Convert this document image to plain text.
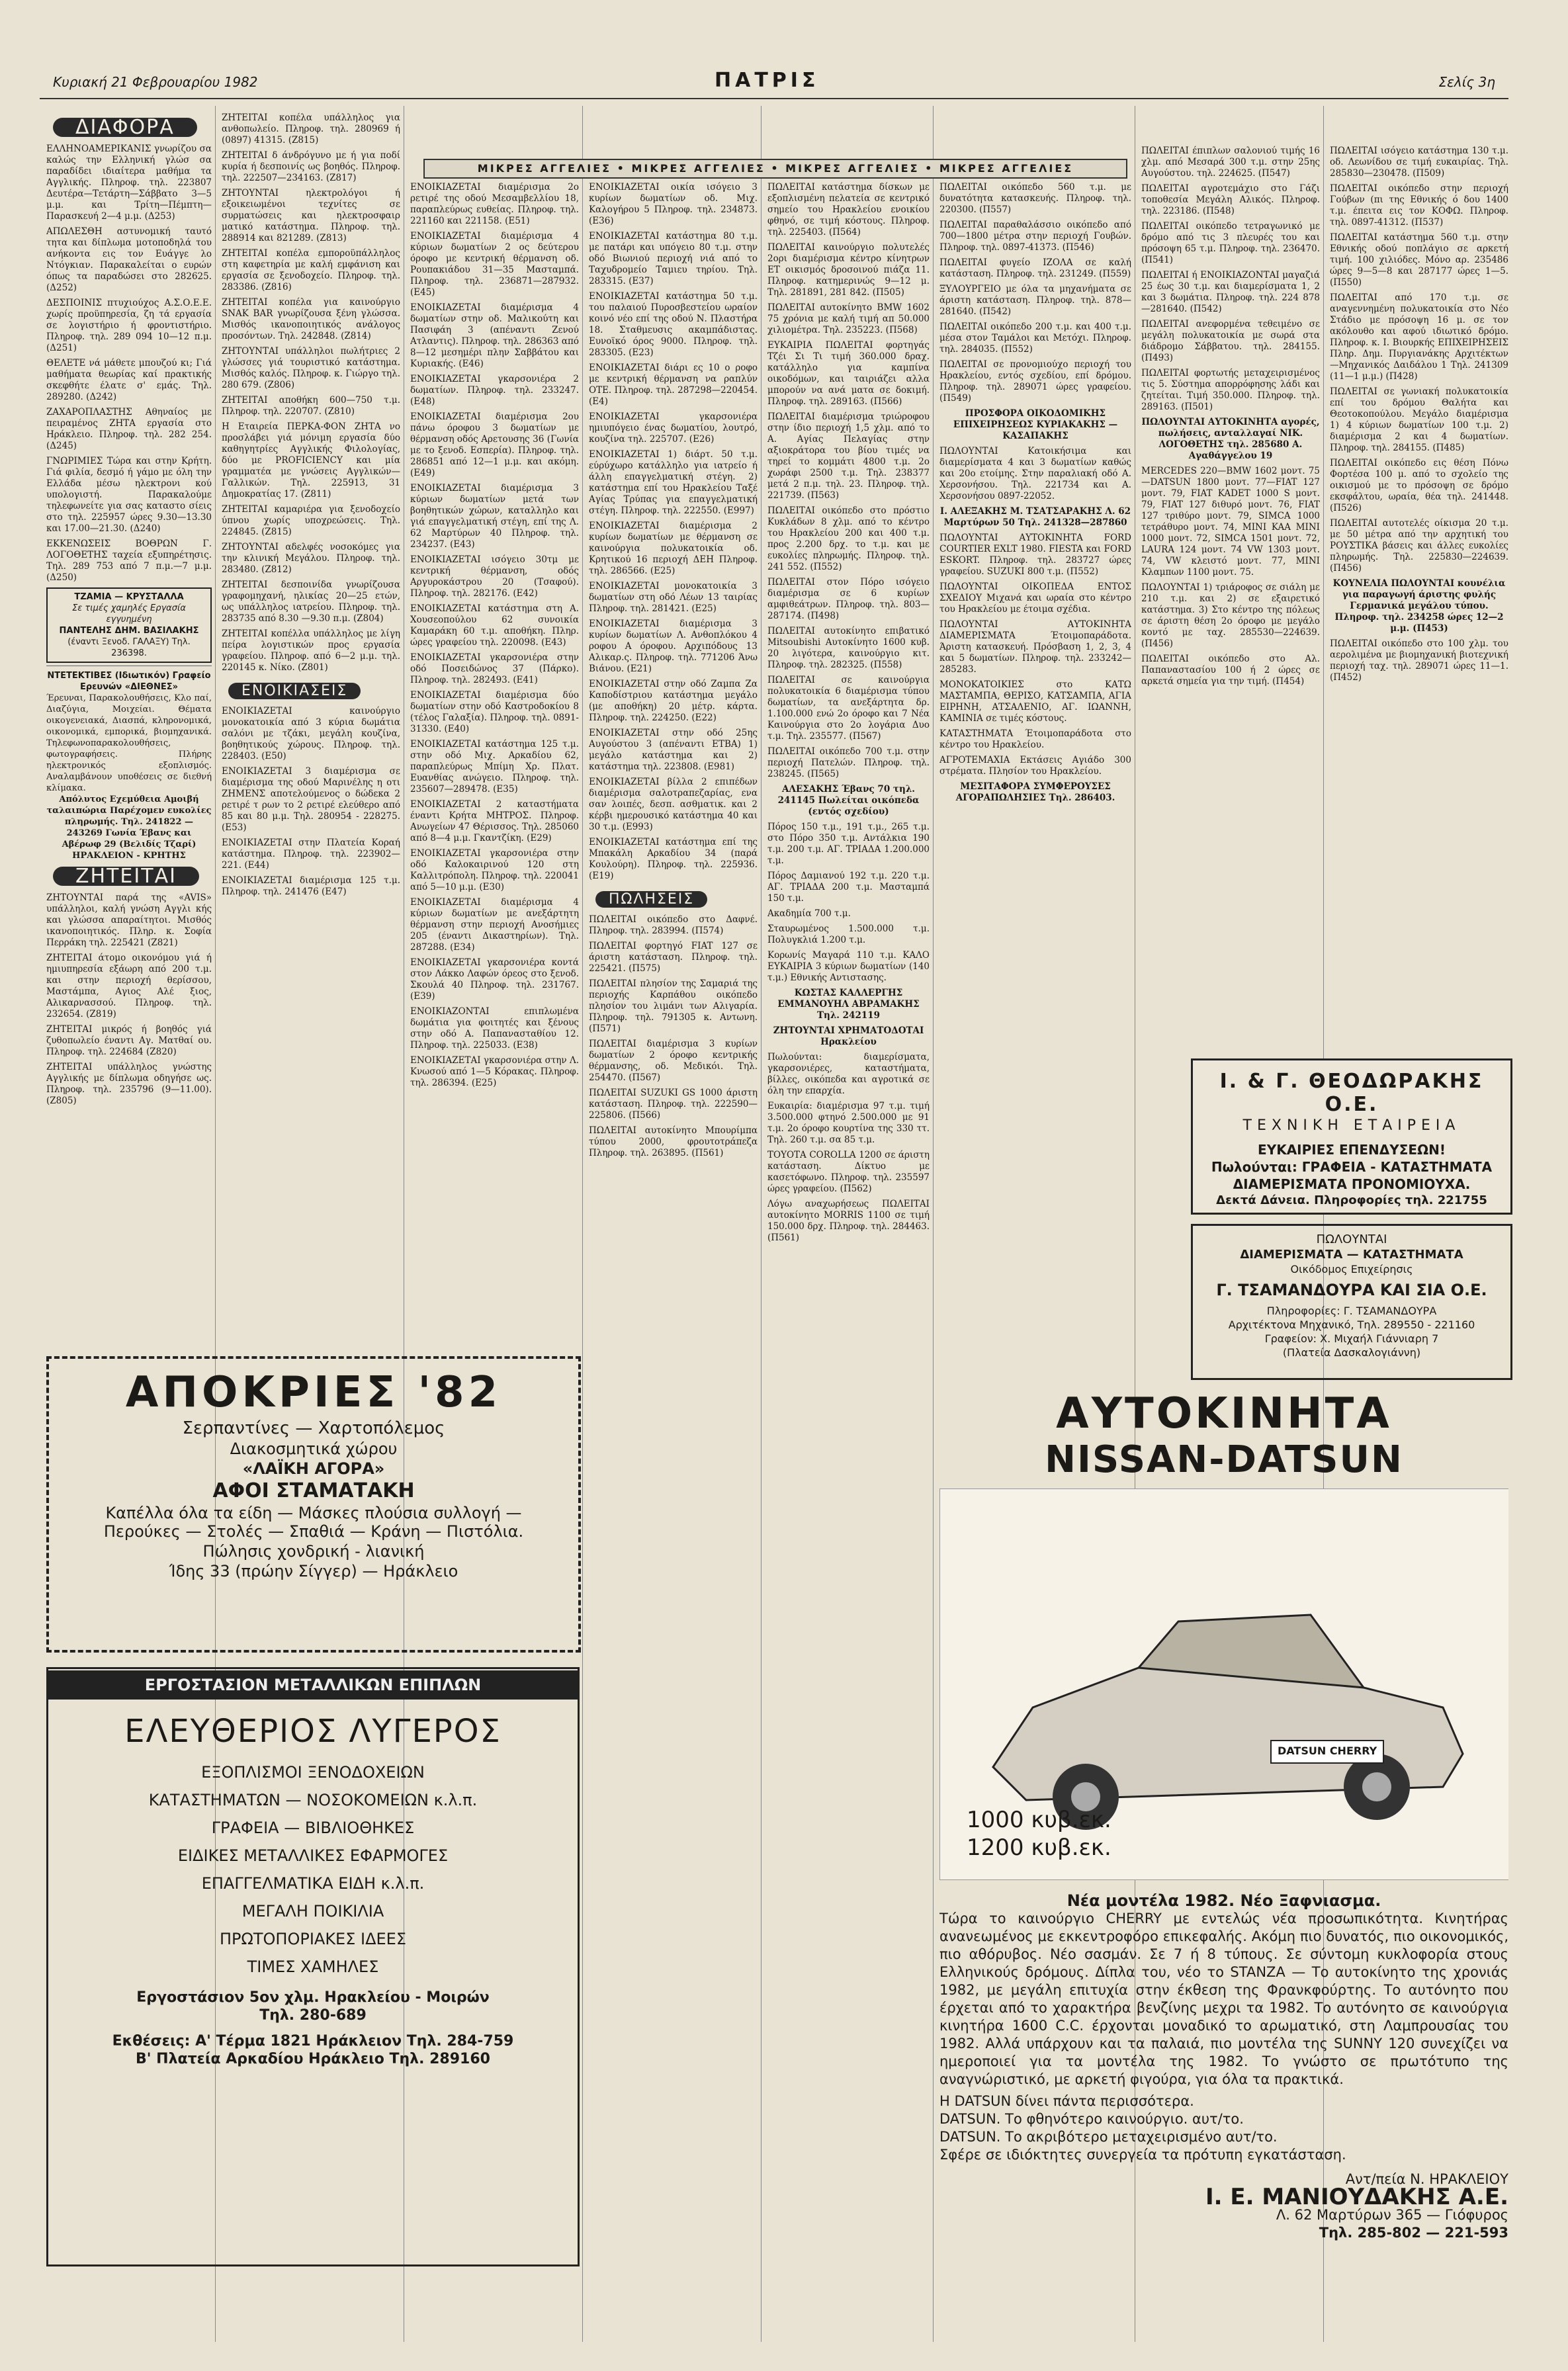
Κυριακή 21 Φεβρουαρίου 1982	ΠΑΤΡΙΣ	Σελίς 3η
ΜΙΚΡΕΣ ΑΓΓΕΛΙΕΣ • ΜΙΚΡΕΣ ΑΓΓΕΛΙΕΣ • ΜΙΚΡΕΣ ΑΓΓΕΛΙΕΣ • ΜΙΚΡΕΣ ΑΓΓΕΛΙΕΣ
ΔΙΑΦΟΡΑ

ΕΛΛΗΝΟΑΜΕΡΙΚΑΝΙΣ γνωρίζου σα καλώς την Ελληνική γλώσ σα παραδίδει ιδιαίτερα μαθήμα τα Αγγλικής. Πληροφ. τηλ. 223807 Δευτέρα—Τετάρτη—Σάββατο 3—5 μ.μ. και Τρίτη—Πέμπτη—Παρασκευή 2—4 μ.μ. (Δ253)

ΑΠΩΛΕΣΘΗ αστυνομική ταυτό τητα και δίπλωμα μοτοποδηλά του ανήκοντα εις τον Ευάγγε λο Ντόγκιαν. Παρακαλείται ο ευρών όπως τα παραδώσει στο 282625. (Δ252)

ΔΕΣΠΟΙΝΙΣ πτυχιούχος Α.Σ.Ο.Ε.Ε. χωρίς προϋπηρεσία, ζη τά εργασία σε λογιστήριο ή φροντιστήριο. Πληροφ. τηλ. 289 094 10—12 π.μ. (Δ251)

ΘΕΛΕΤΕ νά μάθετε μπουζού κι; Γιά μαθήματα θεωρίας καί πρακτικής σκεφθήτε έλατε σ' εμάς. Τηλ. 289280. (Δ242)

ΖΑΧΑΡΟΠΛΑΣΤΗΣ Αθηναίος με πειραμένος ΖΗΤΑ εργασία στο Ηράκλειο. Πληροφ. τηλ. 282 254. (Δ245)

ΓΝΩΡΙΜΙΕΣ Τώρα και στην Κρήτη. Γιά φιλία, δεσμό ή γάμο με όλη την Ελλάδα μέσω ηλεκτρονι κού υπολογιστή. Παρακαλούμε τηλεφωνείτε για σας καταστο σίεις στο τηλ. 225957 ώρες 9.30—13.30 και 17.00—21.30. (Δ240)

ΕΚΚΕΝΩΣΕΙΣ ΒΟΘΡΩΝ Γ. ΛΟΓΟΘΕΤΗΣ ταχεία εξυπηρέτησις. Τηλ. 289 753 από 7 π.μ.—7 μ.μ. (Δ250)

ΤΖΑΜΙΑ — ΚΡΥΣΤΑΛΛΑ
Σε τιμές χαμηλές Εργασία εγγυημένη
ΠΑΝΤΕΛΗΣ ΔΗΜ. ΒΑΣΙΛΑΚΗΣ
(έναντι Ξενοδ. ΓΑΛΑΞΥ) Τηλ. 236398.
ΝΤΕΤΕΚΤΙΒΕΣ (Ιδιωτικόν) Γραφείο Ερευνών «ΔΙΕΘΝΕΣ»
Έρευναι, Παρακολουθήσεις, Κλο παί, Διαζύγια, Μοιχείαι. Θέματα οικογενειακά, Διασπά, κληρονομικά, οικονομικά, εμπορικά, βιομηχανικά. Τηλεφωνοπαρακολουθήσεις, φωτογραφήσεις. Πλήρης ηλεκτρονικός εξοπλισμός. Αναλαμβάνουν υποθέσεις σε διεθνή κλίμακα.
Απόλυτος Εχεμύθεια Αμοιβή ταλαιπώρια Παρέχομεν ευκολίες πληρωμής. Τηλ. 241822 — 243269 Γωνία Έβανς και Αβέρωφ 29 (Βελιδίς Τζαρί) ΗΡΑΚΛΕΙΟΝ - ΚΡΗΤΗΣ
ΖΗΤΕΙΤΑΙ

ΖΗΤΟΥΝΤΑΙ παρά της «AVIS» υπάλληλοι, καλή γνώση Αγγλι κής και γλώσσα απαραίτητοι. Μισθός ικανοποιητικός. Πληρ. κ. Σοφία Περράκη τηλ. 225421 (Ζ821)

ΖΗΤΕΙΤΑΙ άτομο οικονόμου γιά ή ημιυπηρεσία εξάωρη από 200 τ.μ. και στην περιοχή θερίσσου, Μαστάμπα, Αγιος Αλέ ξιος, Αλικαρνασσού. Πληροφ. τηλ. 232654. (Z819)

ΖΗΤΕΙΤΑΙ μικρός ή βοηθός γιά ζυθοπωλείο έναντι Αγ. Ματθαί ου. Πληροφ. τηλ. 224684 (Z820)

ΖΗΤΕΙΤΑΙ υπάλληλος γνώστης Αγγλικής με δίπλωμα οδηγήσε ως. Πληροφ. τηλ. 235796 (9—11.00). (Z805)

ΖΗΤΕΙΤΑΙ κοπέλα υπάλληλος για ανθοπωλείο. Πληροφ. τηλ. 280969 ή (0897) 41315. (Z815)

ΖΗΤΕΙΤΑΙ δ άνδρόγυνο με ή για ποδί κυρία ή δεσποινίς ως βοηθός. Πληροφ. τηλ. 222507—234163. (Z817)

ΖΗΤΟΥΝΤΑΙ ηλεκτρολόγοι ή εξοικειωμένοι τεχνίτες σε συρματώσεις και ηλεκτροσφαιρ ματικό κατάστημα. Πληροφ. τηλ. 288914 και 821289. (Z813)

ΖΗΤΕΙΤΑΙ κοπέλα εμποροϋπάλληλος στη καφετηρία με καλή εμφάνιση και εργασία σε ξενοδοχείο. Πληροφ. τηλ. 283386. (Z816)

ΖΗΤΕΙΤΑΙ κοπέλα για καινούργιο SNAK BAR γνωρίζουσα ξένη γλώσσα. Μισθός ικανοποιητικός ανάλογος προσόντων. Τηλ. 242848. (Z814)

ΖΗΤΟΥΝΤΑΙ υπάλληλοι πωλήτριες 2 γλώσσες γιά τουριστικό κατάστημα. Μισθός καλός. Πληροφ. κ. Γιώργο τηλ. 280 679. (Z806)

ΖΗΤΕΙΤΑΙ αποθήκη 600—750 τ.μ. Πληροφ. τηλ. 220707. (Z810)

Η Εταιρεία ΠΕΡΚΑ-ΦΟΝ ΖΗΤΑ νο προσλάβει γιά μόνιμη εργασία δύο καθηγητρίες Αγγλικής Φιλολογίας, δύο με PROFICIENCY και μία γραμματέα με γνώσεις Αγγλικών—Γαλλικών. Τηλ. 225913, 31 Δημοκρατίας 17. (Z811)

ΖΗΤΕΙΤΑΙ καμαριέρα για ξενοδοχείο ύπνου χωρίς υποχρεώσεις. Τηλ. 224845. (Z815)

ΖΗΤΟΥΝΤΑΙ αδελφές νοσοκόμες για την κλινική Μεγάλου. Πληροφ. τηλ. 283480. (Z812)

ΖΗΤΕΙΤΑΙ δεσποινίδα γνωρίζουσα γραφομηχανή, ηλικίας 20—25 ετών, ως υπάλληλος ιατρείου. Πληροφ. τηλ. 283735 από 8.30 —9.30 π.μ. (Z804)

ΖΗΤΕΙΤΑΙ κοπέλλα υπάλληλος με λίγη πείρα λογιστικών προς εργασία γραφείου. Πληροφ. από 6—2 μ.μ. τηλ. 220145 κ. Νίκο. (Z801)

ΕΝΟΙΚΙΑΣΕΙΣ

ΕΝΟΙΚΙΑΖΕΤΑΙ καινούργιο μονοκατοικία από 3 κύρια δωμάτια σαλόνι με τζάκι, μεγάλη κουζίνα, βοηθητικούς χώρους. Πληροφ. τηλ. 228403. (E50)

ΕΝΟΙΚΙΑΖΕΤΑΙ 3 διαμέρισμα σε διαμέρισμα της οδού Μαρινέλης η οτι ΖΗΜΕΝΣ αποτελούμενος ο δώδεκα 2 ρετιρέ τ ρων το 2 ρετιρέ ελεύθερο από 85 και 80 μ.μ. Τηλ. 280954 - 228275. (E53)

ΕΝΟΙΚΙΑΖΕΤΑΙ στην Πλατεία Κοραή κατάστημα. Πληροφ. τηλ. 223902—221. (E44)

ΕΝΟΙΚΙΑΖΕΤΑΙ διαμέρισμα 125 τ.μ. Πληροφ. τηλ. 241476 (E47)

ΕΝΟΙΚΙΑΖΕΤΑΙ διαμέρισμα 2ο ρετιρέ της οδού Μεσαμβελλίου 18, παραπλεύρως ευθείας. Πληροφ. τηλ. 221160 και 221158. (E51)

ΕΝΟΙΚΙΑΖΕΤΑΙ διαμέρισμα 4 κύριων δωματίων 2 ος δεύτερου όροφο με κεντρική θέρμανση οδ. Ρουπακιάδου 31—35 Μασταμπά. Πληροφ. τηλ. 236871—287932. (E45)

ΕΝΟΙΚΙΑΖΕΤΑΙ διαμέρισμα 4 δωματίων στην οδ. Μαλικούτη και Πασιφάη 3 (απέναντι Ζενού Ατλαντις). Πληροφ. τηλ. 286363 από 8—12 μεσημέρι πλην Σαββάτου και Κυριακής. (E46)

ΕΝΟΙΚΙΑΖΕΤΑΙ γκαρσονιέρα 2 δωματίων. Πληροφ. τηλ. 233247. (E48)

ΕΝΟΙΚΙΑΖΕΤΑΙ διαμέρισμα 2ου πάνω όροφου 3 δωματίων με θέρμανση οδός Αρετουσης 36 (Γωνία με το ξενοδ. Εσπερία). Πληροφ. τηλ. 286851 από 12—1 μ.μ. και ακόμη. (E49)

ΕΝΟΙΚΙΑΖΕΤΑΙ διαμέρισμα 3 κύριων δωματίων μετά των βοηθητικών χώρων, καταλληλο και γιά επαγγελματική στέγη, επί της Λ. 62 Μαρτύρων 40 Πληροφ. τηλ. 234237. (E43)

ΕΝΟΙΚΙΑΖΕΤΑΙ ισόγειο 30τμ με κεντρική θέρμανση, οδός Αργυροκάστρου 20 (Τσαφού). Πληροφ. τηλ. 282176. (E42)

ΕΝΟΙΚΙΑΖΕΤΑΙ κατάστημα στη Α. Χουσεοπούλου 62 συνοικία Καμαράκη 60 τ.μ. αποθήκη. Πληρ. ώρες γραφείου τηλ. 220098. (E43)

ΕΝΟΙΚΙΑΖΕΤΑΙ γκαρσονιέρα στην οδό Ποσειδώνος 37 (Πάρκο). Πληροφ. τηλ. 282493. (E41)

ΕΝΟΙΚΙΑΖΕΤΑΙ διαμέρισμα δύο δωματίων στην οδό Καστροδοκίου 8 (τέλος Γαλαξία). Πληροφ. τηλ. 0891-31330. (E40)

ΕΝΟΙΚΙΑΖΕΤΑΙ κατάστημα 125 τ.μ. στην οδό Μιχ. Αρκαδίου 62, παραπλεύρως Μπίμη Χρ. Πλατ. Ευανθίας ανώγειο. Πληροφ. τηλ. 235607—289478. (E35)

ΕΝΟΙΚΙΑΖΕΤΑΙ 2 καταστήματα έναντι Κρήτα ΜΗΤΡΟΣ. Πληροφ. Ανωγείων 47 Θέρισσος. Τηλ. 285060 από 8—4 μ.μ. Γκαντζίκη. (E29)

ΕΝΟΙΚΙΑΖΕΤΑΙ γκαρσονιέρα στην οδό Καλοκαιρινού 120 στη Καλλιτρόπολη. Πληροφ. τηλ. 220041 από 5—10 μ.μ. (E30)

ΕΝΟΙΚΙΑΖΕΤΑΙ διαμέρισμα 4 κύριων δωματίων με ανεξάρτητη θέρμανση στην περιοχή Ανοσήμιες 205 (έναντι Δικαστηρίων). Τηλ. 287288. (E34)

ΕΝΟΙΚΙΑΖΕΤΑΙ γκαρσονιέρα κοντά στον Λάκκο Λαφών όρεος στο ξενοδ. Σκουλά 40 Πληροφ. τηλ. 231767. (E39)

ΕΝΟΙΚΙΑΖΟΝΤΑΙ επιπλωμένα δωμάτια για φοιτητές και ξένους στην οδό Α. Παπανασταθίου 12. Πληροφ. τηλ. 225033. (E38)

ΕΝΟΙΚΙΑΖΕΤΑΙ γκαρσονιέρα στην Λ. Κνωσού από 1—5 Κόρακας. Πληροφ. τηλ. 286394. (E25)

ΕΝΟΙΚΙΑΖΕΤΑΙ οικία ισόγειο 3 κυρίων δωματίων οδ. Μιχ. Καλογήρου 5 Πληροφ. τηλ. 234873. (E36)

ΕΝΟΙΚΙΑΖΕΤΑΙ κατάστημα 80 τ.μ. με πατάρι και υπόγειο 80 τ.μ. στην οδό Βιωνιού περιοχή νιά από το Ταχυδρομείο Ταμιευ τηρίου. Τηλ. 283315. (E37)

ΕΝΟΙΚΙΑΖΕΤΑΙ κατάστημα 50 τ.μ. του παλαιού Πυροσβεστείου ωραίον κοινό νέο επί της οδού Ν. Πλαστήρα 18. Σταθμευσις ακαμπάδιστας. Ευνοϊκό όρος 9000. Πληροφ. τηλ. 283305. (E23)

ΕΝΟΙΚΙΑΖΕΤΑΙ διάρι ες 10 ο ροφο με κεντρική θέρμανση να ραπλύν ΟΤΕ. Πληροφ. τηλ. 287298—220454. (E4)

ΕΝΟΙΚΙΑΖΕΤΑΙ γκαρσονιέρα ημιυπόγειο ένας δωματίου, λουτρό, κουζίνα τηλ. 225707. (E26)

ΕΝΟΙΚΙΑΖΕΤΑΙ 1) διάρτ. 50 τ.μ. εύρύχωρο κατάλληλο για ιατρείο ή άλλη επαγγελματική στέγη. 2) κατάστημα επί του Ηρακλείου Ταξέ Αγίας Τρύπας για επαγγελματική στέγη. Πληροφ. τηλ. 222550. (E997)

ΕΝΟΙΚΙΑΖΕΤΑΙ διαμέρισμα 2 κυρίων δωματίων με θέρμανση σε καινούργια πολυκατοικία οδ. Κρητικού 16 περιοχή ΔΕΗ Πληροφ. τηλ. 286566. (E25)

ΕΝΟΙΚΙΑΖΕΤΑΙ μονοκατοικία 3 δωματίων στη οδό Λέων 13 ταιρίας Πληροφ. τηλ. 281421. (E25)

ΕΝΟΙΚΙΑΖΕΤΑΙ διαμέρισμα 3 κυρίων δωματίων Λ. Ανθοπλόκου 4 ροφου Α όροφου. Αρχιπόδους 13 Αλικαρ.ς. Πληροφ. τηλ. 771206 Άνω Βιάνου. (E21)

ΕΝΟΙΚΙΑΖΕΤΑΙ στην οδό Ζαμπα Ζα Καποδίστριου κατάστημα μεγάλο (με αποθήκη) 20 μέτρ. κάρτα. Πληροφ. τηλ. 224250. (E22)

ΕΝΟΙΚΙΑΖΕΤΑΙ στην οδό 25ης Αυγούστου 3 (απέναντι ΕΤΒΑ) 1) μεγάλο κατάστημα και 2) κατάστημα τηλ. 223808. (E981)

ΕΝΟΙΚΙΑΖΕΤΑΙ βίλλα 2 επιπέδων διαμέρισμα σαλοτραπεζαρίας, ενα σαν λοιπές, δεσπ. ασθματικ. και 2 κέρβι ημερουσικό κατάστημα 40 και 30 τ.μ. (E993)

ΕΝΟΙΚΙΑΖΕΤΑΙ κατάστημα επί της Μπακάλη Αρκαδίου 34 (παρά Κουλούρη). Πληροφ. τηλ. 225936. (E19)

ΠΩΛΗΣΕΙΣ

ΠΩΛΕΙΤΑΙ οικόπεδο στο Δαφνέ. Πληροφ. τηλ. 283994. (Π574)

ΠΩΛΕΙΤΑΙ φορτηγό FIAT 127 σε άριστη κατάσταση. Πληροφ. τηλ. 225421. (Π575)

ΠΩΛΕΙΤΑΙ πλησίον της Σαμαριά της περιοχής Καρπάθου οικόπεδο πλησίον του λιμάνι των Αλιγαρία. Πληροφ. τηλ. 791305 κ. Αντωνη. (Π571)

ΠΩΛΕΙΤΑΙ διαμέρισμα 3 κυρίων δωματίων 2 όροφο κεντρικής θέρμανσης, οδ. Μεδικόι. Τηλ. 254470. (Π567)

ΠΩΛΕΙΤΑΙ SUZUKI GS 1000 άριστη κατάσταση. Πληροφ. τηλ. 222590—225806. (Π566)

ΠΩΛΕΙΤΑΙ αυτοκίνητο Μπουρίμπα τύπου 2000, φρουτοτράπεζα Πληροφ. τηλ. 263895. (Π561)

ΠΩΛΕΙΤΑΙ κατάστημα δίσκων με εξοπλισμένη πελατεία σε κεντρικό σημείο του Ηρακλείου ενοικίου φθηνό, σε τιμή κόστους. Πληροφ. τηλ. 225403. (Π564)

ΠΩΛΕΙΤΑΙ καινούργιο πολυτελές 2ορι διαμέρισμα κέντρο κίνητρων ΕΤ οικισμός δροσοινού πιάζα 11. Πληροφ. κατημερινώς 9—12 μ. Τηλ. 281891, 281 842. (Π505)

ΠΩΛΕΙΤΑΙ αυτοκίνητο BMW 1602 75 χρόνια με καλή τιμή απ 50.000 χιλιομέτρα. Τηλ. 235223. (Π568)

ΕΥΚΑΙΡΙΑ ΠΩΛΕΙΤΑΙ φορτηγάς Τζέι Σι Τι τιμή 360.000 δραχ. κατάλληλο για καμπίνα οικοδόμων, και ταιριάζει αλλα μπορούν να ανά ματα σε δοκιμή. Πληροφ. τηλ. 289163. (Π566)

ΠΩΛΕΙΤΑΙ διαμέρισμα τριώροφου στην ίδιο περιοχή 1,5 χλμ. από το Α. Αγίας Πελαγίας στην αξιοκράτορα του βίου τιμές να τηρεί το κομμάτι 4800 τ.μ. 2ο χωράφι 2500 τ.μ. Τηλ. 238377 μετά 2 π.μ. τηλ. 23. Πληροφ. τηλ. 221739. (Π563)

ΠΩΛΕΙΤΑΙ οικόπεδο στο πρόστιο Κυκλάδων 8 χλμ. από το κέντρο του Ηρακλείου 200 και 400 τ.μ. προς 2.200 δρχ. το τ.μ. και με ευκολίες πληρωμής. Πληροφ. τηλ. 241 552. (Π552)

ΠΩΛΕΙΤΑΙ στον Πόρο ισόγειο διαμέρισμα σε 6 κυρίων αμφιθεάτρων. Πληροφ. τηλ. 803—287174. (Π498)

ΠΩΛΕΙΤΑΙ αυτοκίνητο επιβατικό Mitsoubishi Αυτοκίνητο 1600 κυβ. 20 λιγότερα, καινούργιο κιτ. Πληροφ. τηλ. 282325. (Π558)

ΠΩΛΕΙΤΑΙ σε καινούργια πολυκατοικία 6 διαμέρισμα τύπου δωματίων, τα ανεξάρτητα δρ. 1.100.000 ενώ 2ο όροφο και 7 Νέα Καινούργια στο 2ο λογάρια Δυο τ.μ. Τηλ. 235577. (Π567)

ΠΩΛΕΙΤΑΙ οικόπεδο 700 τ.μ. στην περιοχή Πατελών. Πληροφ. τηλ. 238245. (Π565)

ΑΛΕΣΑΚΗΣ Έβανς 70 τηλ. 241145 Πωλείται οικόπεδα (εντός σχεδίου)

Πόρος 150 τ.μ., 191 τ.μ., 265 τ.μ. στο Πόρο 350 τ.μ. Αντάλκια 190 τ.μ. 200 τ.μ. ΑΓ. ΤΡΙΑΔΑ 1.200.000 τ.μ.

Πόρος Δαμιανού 192 τ.μ. 220 τ.μ. ΑΓ. ΤΡΙΑΔΑ 200 τ.μ. Μασταμπά 150 τ.μ.

Ακαδημία 700 τ.μ.

Σταυρωμένος 1.500.000 τ.μ. Πολυγκλιά 1.200 τ.μ.

Κορωνίς Μαγαρά 110 τ.μ. ΚΑΛΟ ΕΥΚΑΙΡΙΑ 3 κύριων δωματίων (140 τ.μ.) Εθνικής Αντιστασης.

ΚΩΣΤΑΣ ΚΑΛΛΕΡΓΗΣ ΕΜΜΑΝΟΥΗΛ ΑΒΡΑΜΑΚΗΣ Τηλ. 242119

ΖΗΤΟΥΝΤΑΙ ΧΡΗΜΑΤΟΔΟΤΑΙ Ηρακλείου

Πωλούνται: διαμερίσματα, γκαρσονιέρες, καταστήματα, βίλλες, οικόπεδα και αγροτικά σε όλη την επαρχία.

Ευκαιρία: διαμέρισμα 97 τ.μ. τιμή 3.500.000 φτηνό 2.500.000 με 91 τ.μ. 2ο όροφο κουρτίνα της 330 ττ. Τηλ. 260 τ.μ. σα 85 τ.μ.

ΤΟΥΟΤΑ COROLLA 1200 σε άριστη κατάσταση. Δίκτυο με κασετόφωνο. Πληροφ. τηλ. 235597 ώρες γραφείου. (Π562)

Λόγω αναχωρήσεως ΠΩΛΕΙΤΑΙ αυτοκίνητο MORRIS 1100 σε τιμή 150.000 δρχ. Πληροφ. τηλ. 284463. (Π561)

ΠΩΛΕΙΤΑΙ οικόπεδο 560 τ.μ. με δυνατότητα κατασκευής. Πληροφ. τηλ. 220300. (Π557)

ΠΩΛΕΙΤΑΙ παραθαλάσσιο οικόπεδο από 700—1800 μέτρα στην περιοχή Γουβών. Πληροφ. τηλ. 0897-41373. (Π546)

ΠΩΛΕΙΤΑΙ φυγείο ΙΖΟΛΑ σε καλή κατάσταση. Πληροφ. τηλ. 231249. (Π559)

ΞΥΛΟΥΡΓΕΙΟ με όλα τα μηχανήματα σε άριστη κατάσταση. Πληροφ. τηλ. 878—281640. (Π542)

ΠΩΛΕΙΤΑΙ οικόπεδο 200 τ.μ. και 400 τ.μ. μέσα στον Ταμάλοι και Μετόχι. Πληροφ. τηλ. 284035. (Π552)

ΠΩΛΕΙΤΑΙ σε προνομιούχο περιοχή του Ηρακλείου, εντός σχεδίου, επί δρόμου. Πληροφ. τηλ. 289071 ώρες γραφείου. (Π549)

ΠΡΟΣΦΟΡΑ ΟΙΚΟΔΟΜΙΚΗΣ ΕΠΙΧΕΙΡΗΣΕΩΣ ΚΥΡΙΑΚΑΚΗΣ — ΚΑΣΑΠΑΚΗΣ

ΠΩΛΟΥΝΤΑΙ Κατοικήσιμα και διαμερίσματα 4 και 3 δωματίων καθώς και 20ο ετοίμης. Στην παραλιακή οδό Α. Χερσονήσου. Τηλ. 221734 και Α. Χερσονήσου 0897-22052.

Ι. ΑΛΕΞΑΚΗΣ Μ. ΤΣΑΤΣΑΡΑΚΗΣ Λ. 62 Μαρτύρων 50 Τηλ. 241328—287860

ΠΩΛΟΥΝΤΑΙ ΑΥΤΟΚΙΝΗΤΑ FORD COURTIER EXLT 1980. FIESTA και FORD ESKORT. Πληροφ. τηλ. 283727 ώρες γραφείου. SUZUKI 800 τ.μ. (Π552)

ΠΩΛΟΥΝΤΑΙ ΟΙΚΟΠΕΔΑ ΕΝΤΟΣ ΣΧΕΔΙΟΥ Μιχανά και ωραία στο κέντρο του Ηρακλείου με έτοιμα σχέδια.

ΠΩΛΟΥΝΤΑΙ ΑΥΤΟΚΙΝΗΤΑ ΔΙΑΜΕΡΙΣΜΑΤΑ Έτοιμοπαράδοτα. Άριστη κατασκευή. Πρόσβαση 1, 2, 3, 4 και 5 δωματίων. Πληροφ. τηλ. 233242—285283.

ΜΟΝΟΚΑΤΟΙΚΙΕΣ στο ΚΑΤΩ ΜΑΣΤΑΜΠΑ, ΘΕΡΙΣΟ, ΚΑΤΣΑΜΠΑ, ΑΓΙΑ ΕΙΡΗΝΗ, ΑΤΣΑΛΕΝΙΟ, ΑΓ. ΙΩΑΝΝΗ, ΚΑΜΙΝΙΑ σε τιμές κόστους.

ΚΑΤΑΣΤΗΜΑΤΑ Έτοιμοπαράδοτα στο κέντρο του Ηρακλείου.

ΑΓΡΟΤΕΜΑΧΙΑ Εκτάσεις Αγιάδο 300 στρέματα. Πλησίον του Ηρακλείου.

ΜΕΣΙΤΑΦΟΡΑ ΣΥΜΦΕΡΟΥΣΕΣ ΑΓΟΡΑΠΩΛΗΣΙΕΣ Τηλ. 286403.

ΠΩΛΕΙΤΑΙ έπιπλων σαλονιού τιμής 16 χλμ. από Μεσαρά 300 τ.μ. στην 25ης Αυγούστου. τηλ. 224625. (Π547)

ΠΩΛΕΙΤΑΙ αγροτεμάχιο στο Γάζι τοποθεσία Μεγάλη Αλικός. Πληροφ. τηλ. 223186. (Π548)

ΠΩΛΕΙΤΑΙ οικόπεδο τετραγωνικό με δρόμο από τις 3 πλευρές του και πρόσοψη 65 τ.μ. Πληροφ. τηλ. 236470. (Π541)

ΠΩΛΕΙΤΑΙ ή ΕΝΟΙΚΙΑΖΟΝΤΑΙ μαγαζιά 25 έως 30 τ.μ. και διαμερίσματα 1, 2 και 3 δωμάτια. Πληροφ. τηλ. 224 878—281640. (Π542)

ΠΩΛΕΙΤΑΙ ανεφορμένα τεθειμένο σε μεγάλη πολυκατοικία με σωρά στα διάδρομο Σάββατου. τηλ. 284155. (Π493)

ΠΩΛΕΙΤΑΙ φορτωτής μεταχειρισμένος τις 5. Σύστημα απορρόφησης λάδι και ζητείται. Τιμή 350.000. Πληροφ. τηλ. 289163. (Π501)

ΠΩΛΟΥΝΤΑΙ ΑΥΤΟΚΙΝΗΤΑ αγορές, πωλήσεις, ανταλλαγαί ΝΙΚ. ΛΟΓΟΘΕΤΗΣ τηλ. 285680 Α. Αγαθάγγελου 19

MERCEDES 220—BMW 1602 μοντ. 75—DATSUN 1800 μοντ. 77—FIAT 127 μοντ. 79, FIAT KADET 1000 S μοντ. 79, FIAT 127 διθυρό μοντ. 76, FIAT 127 τριθύρο μοντ. 79, SIMCA 1000 τετράθυρο μοντ. 74, MINI KAA MINI 1000 μοντ. 72, SIMCA 1501 μοντ. 72, LAURA 124 μοντ. 74 VW 1303 μοντ. 74, VW κλειστό μοντ. 77, MINI Κλαμπων 1100 μοντ. 75.

ΠΩΛΟΥΝΤΑΙ 1) τριάροφος σε σιάλη με 210 τ.μ. και 2) σε εξαιρετικό κατάστημα. 3) Στο κέντρο της πόλεως σε άριστη θέση 2ο όροφο με μεγάλο κοντό με ταχ. 285530—224639. (Π456)

ΠΩΛΕΙΤΑΙ οικόπεδο στο Αλ. Παπαναστασίου 100 ή 2 ώρες σε αρκετά σημεία για την τιμή. (Π454)

ΠΩΛΕΙΤΑΙ ισόγειο κατάστημα 130 τ.μ. οδ. Λεωνίδου σε τιμή ευκαιρίας. Τηλ. 285830—230478. (Π509)

ΠΩΛΕΙΤΑΙ οικόπεδο στην περιοχή Γούβων (πι της Εθνικής ό δου 1400 τ.μ. έπειτα εις τον ΚΟΦΩ. Πληροφ. τηλ. 0897-41312. (Π537)

ΠΩΛΕΙΤΑΙ κατάστημα 560 τ.μ. στην Εθνικής οδού ποπλάγιο σε αρκετή τιμή. 100 χιλιόδες. Μόνο αρ. 235486 ώρες 9—5—8 και 287177 ώρες 1—5. (Π550)

ΠΩΛΕΙΤΑΙ από 170 τ.μ. σε αναγεννημένη πολυκατοικία στο Νέο Στάδιο με πρόσοψη 16 μ. σε τον ακόλουθο και αφού ιδιωτικό δρόμο. Πληροφ. κ. Ι. Βιουρκής ΕΠΙΧΕΙΡΗΣΕΙΣ Πληρ. Δημ. Πυργιανάκης Αρχιτέκτων—Μηχανικός Δαιδάλου 1 Τηλ. 241309 (11—1 μ.μ.) (Π428)

ΠΩΛΕΙΤΑΙ σε γωνιακή πολυκατοικία επί του δρόμου Θαλήτα και Θεοτοκοπούλου. Μεγάλο διαμέρισμα 1) 4 κύριων δωματίων 100 τ.μ. 2) διαμέρισμα 2 και 4 δωματίων. Πληροφ. τηλ. 284155. (Π485)

ΠΩΛΕΙΤΑΙ οικόπεδο εις θέση Πόνω Φορτέσα 100 μ. από το σχολείο της οικισμού με το πρόσοψη σε δρόμο εκσφάλτου, ωραία, θέα τηλ. 241448. (Π526)

ΠΩΛΕΙΤΑΙ αυτοτελές οίκισμα 20 τ.μ. με 50 μέτρα από την αρχητική του ΡΟΥΣΤΙΚΑ βάσεις και άλλες ευκολίες πληρωμής. Τηλ. 225830—224639. (Π456)

ΚΟΥΝΕΛΙΑ ΠΩΛΟΥΝΤΑΙ κουνέλια για παραγωγή άριστης φυλής Γερμανικά μεγάλου τύπου. Πληροφ. τηλ. 234258 ώρες 12—2 μ.μ. (Π453)

ΠΩΛΕΙΤΑΙ οικόπεδο στο 100 χλμ. του αερολιμένα με βιομηχανική βιοτεχνική περιοχή ταχ. τηλ. 289071 ώρες 11—1. (Π452)

Ι. & Γ. ΘΕΟΔΩΡΑΚΗΣ Ο.Ε.
ΤΕΧΝΙΚΗ ΕΤΑΙΡΕΙΑ
ΕΥΚΑΙΡΙΕΣ ΕΠΕΝΔΥΣΕΩΝ!
Πωλούνται: ΓΡΑΦΕΙΑ - ΚΑΤΑΣΤΗΜΑΤΑ
ΔΙΑΜΕΡΙΣΜΑΤΑ ΠΡΟΝΟΜΙΟΥΧΑ.
Δεκτά Δάνεια. Πληροφορίες τηλ. 221755
ΠΩΛΟΥΝΤΑΙ
ΔΙΑΜΕΡΙΣΜΑΤΑ — ΚΑΤΑΣΤΗΜΑΤΑ
Οικόδομος Επιχείρησις
Γ. ΤΣΑΜΑΝΔΟΥΡΑ ΚΑΙ ΣΙΑ Ο.Ε.
Πληροφορίες: Γ. ΤΣΑΜΑΝΔΟΥΡΑ
Αρχιτέκτονα Μηχανικό, Τηλ. 289550 - 221160
Γραφείον: Χ. Μιχαήλ Γιάννιαρη 7
(Πλατεία Δασκαλογιάννη)
ΑΥΤΟΚΙΝΗΤΑ
NISSAN-DATSUN
DATSUN CHERRY
1000 κυβ.εκ.
1200 κυβ.εκ.
Νέα μοντέλα 1982. Νέο Ξαφνιασμα.
Τώρα το καινούργιο CHERRY με εντελώς νέα προσωπικότητα. Κινητήρας ανανεωμένος με εκκεντροφόρο επικεφαλής. Ακόμη πιο δυνατός, πιο οικονομικός, πιο αθόρυβος. Νέο σασμάν. Σε 7 ή 8 τύπους. Σε σύντομη κυκλοφορία στους Ελληνικούς δρόμους. Δίπλα του, νέο το STANZA — Το αυτοκίνητο της χρονιάς 1982, με μεγάλη επιτυχία στην έκθεση της Φρανκφούρτης. Το αυτόνητο που έρχεται από το χαρακτήρα βενζίνης μεχρι τα 1982. Το αυτόνητο σε καινούργια κινητήρα 1600 C.C. έρχονται μοναδικό το αρωματικό, στη Λαμπρουσίας του 1982. Αλλά υπάρχουν και τα παλαιά, πιο μοντέλα της SUNNY 120 συνεχίζει να ημεροποιεί για τα μοντέλα της 1982. Το γνώστο σε πρωτότυπο της αναγνώριστικό, με αρκετή φιγούρα, για όλα τα πρακτικά.
Η DATSUN δίνει πάντα περισσότερα.
DATSUN. Το φθηνότερο καινούργιο. αυτ/το.
DATSUN. Το ακριβότερο μεταχειρισμένο αυτ/το.
Σφέρε σε ιδιόκτητες συνεργεία τα πρότυπη εγκατάσταση.
Αντ/πεία Ν. ΗΡΑΚΛΕΙΟΥ
Ι. Ε. ΜΑΝΙΟΥΔΑΚΗΣ Α.Ε.
Λ. 62 Μαρτύρων 365 — Γιόφυρος
Τηλ. 285-802 — 221-593
ΑΠΟΚΡΙΕΣ '82
Σερπαντίνες — Χαρτοπόλεμος
Διακοσμητικά χώρου
«ΛΑΪΚΗ ΑΓΟΡΑ»
ΑΦΟΙ ΣΤΑΜΑΤΑΚΗ
Καπέλλα όλα τα είδη — Μάσκες πλούσια συλλογή — Περούκες — Στολές — Σπαθιά — Κράνη — Πιστόλια.
Πώλησις χονδρική - λιανική
Ίδης 33 (πρώην Σίγγερ) — Ηράκλειο
ΕΡΓΟΣΤΑΣΙΟΝ ΜΕΤΑΛΛΙΚΩΝ ΕΠΙΠΛΩΝ
ΕΛΕΥΘΕΡΙΟΣ ΛΥΓΕΡΟΣ
ΕΞΟΠΛΙΣΜΟΙ ΞΕΝΟΔΟΧΕΙΩΝ
ΚΑΤΑΣΤΗΜΑΤΩΝ — ΝΟΣΟΚΟΜΕΙΩΝ κ.λ.π.
ΓΡΑΦΕΙΑ — ΒΙΒΛΙΟΘΗΚΕΣ
ΕΙΔΙΚΕΣ ΜΕΤΑΛΛΙΚΕΣ ΕΦΑΡΜΟΓΕΣ
ΕΠΑΓΓΕΛΜΑΤΙΚΑ ΕΙΔΗ κ.λ.π.
ΜΕΓΑΛΗ ΠΟΙΚΙΛΙΑ
ΠΡΩΤΟΠΟΡΙΑΚΕΣ ΙΔΕΕΣ
ΤΙΜΕΣ ΧΑΜΗΛΕΣ
Εργοστάσιον 5ον χλμ. Ηρακλείου - Μοιρών
Τηλ. 280-689
Εκθέσεις: Α' Τέρμα 1821 Ηράκλειον Τηλ. 284-759
Β' Πλατεία Αρκαδίου Ηράκλειο Τηλ. 289160
